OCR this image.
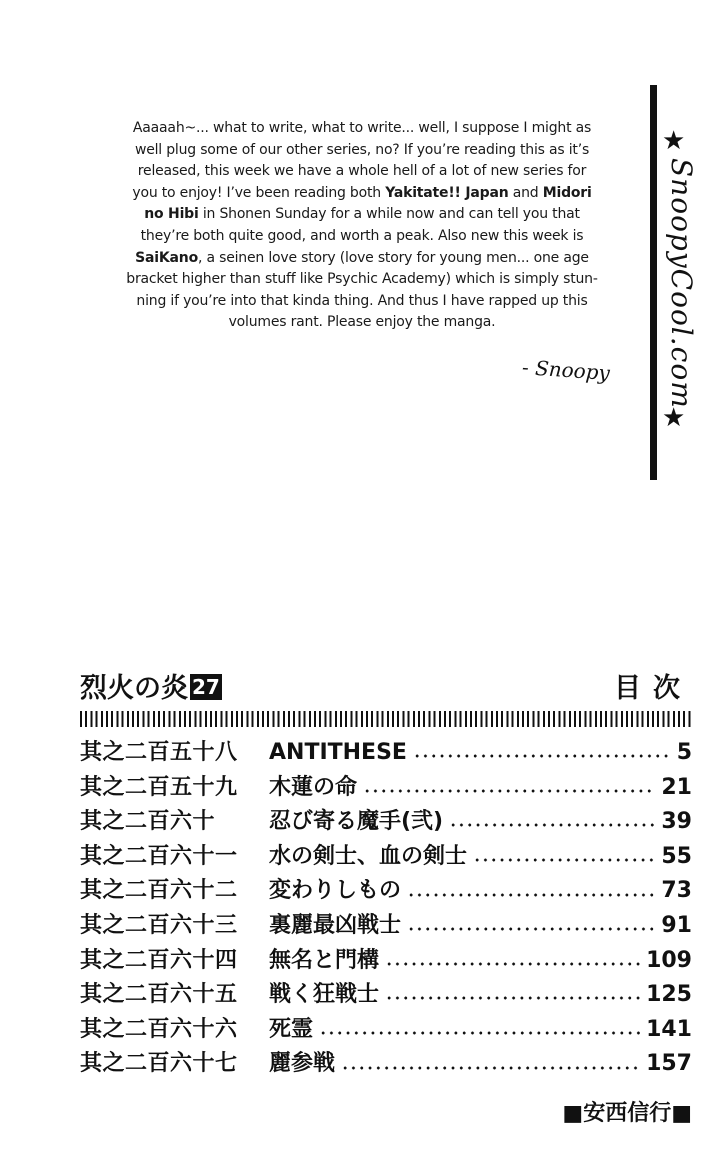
Aaaaah~... what to write, what to write... well, I suppose I might as
well plug some of our other series, no? If you’re reading this as it’s
released, this week we have a whole hell of a lot of new series for
you to enjoy! I’ve been reading both Yakitate!! Japan and Midori
no Hibi in Shonen Sunday for a while now and can tell you that
they’re both quite good, and worth a peak. Also new this week is
SaiKano, a seinen love story (love story for young men... one age
bracket higher than stuff like Psychic Academy) which is simply stun-
ning if you’re into that kinda thing. And thus I have rapped up this
volumes rant. Please enjoy the manga.
- Snoopy
★
SnoopyCool.com
★
烈火の炎 27	目次
其之二百五十八	ANTITHESE	5
其之二百五十九	木蓮の命	21
其之二百六十	忍び寄る魔手(弐)	39
其之二百六十一	水の剣士、血の剣士	55
其之二百六十二	変わりしもの	73
其之二百六十三	裏麗最凶戦士	91
其之二百六十四	無名と門構	109
其之二百六十五	戦く狂戦士	125
其之二百六十六	死霊	141
其之二百六十七	麗参戦	157
■安西信行■
